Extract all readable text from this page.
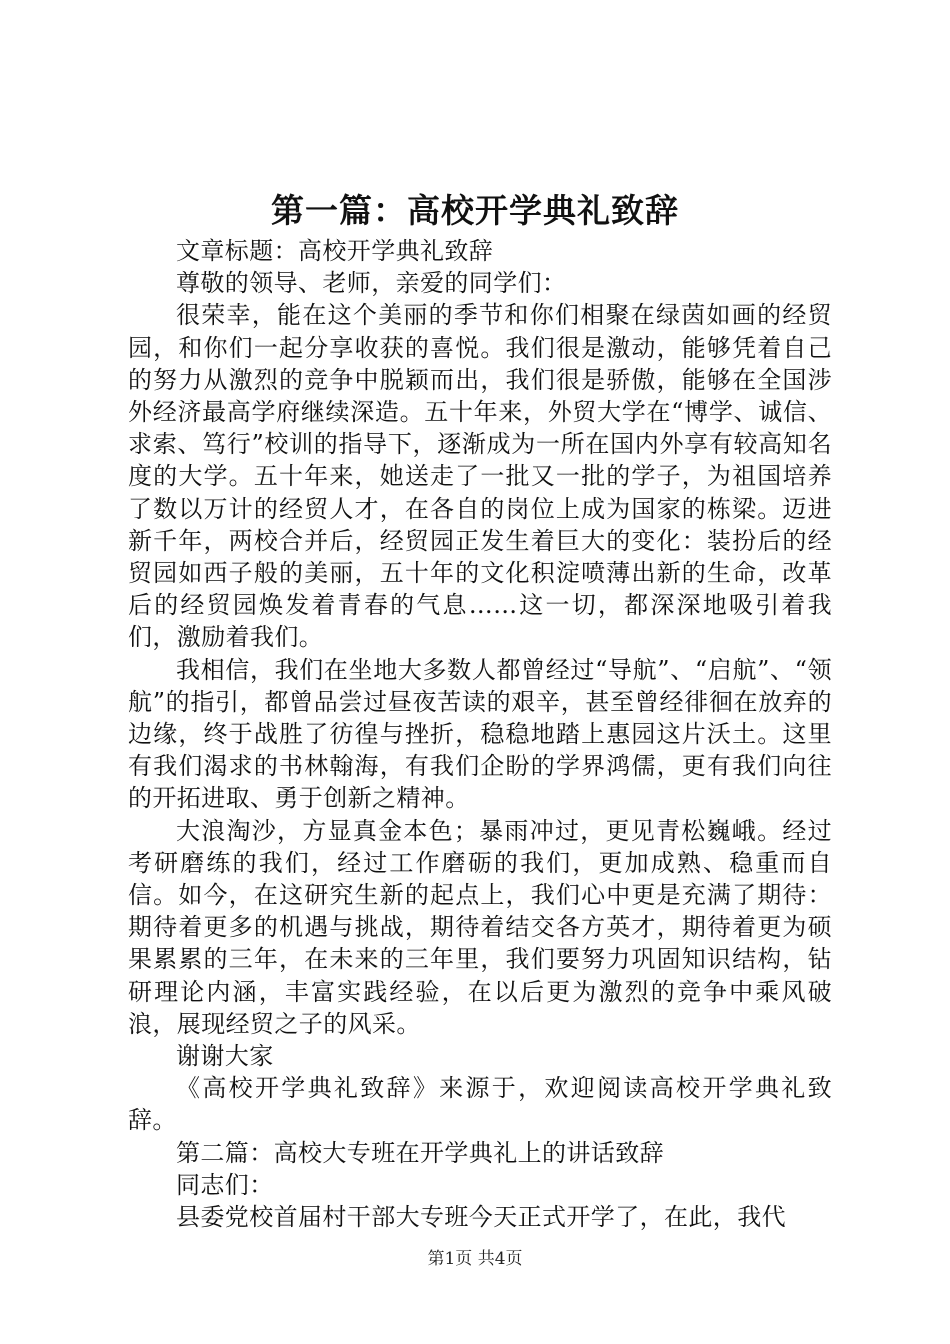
第一篇：高校开学典礼致辞

文章标题：高校开学典礼致辞

尊敬的领导、老师，亲爱的同学们：

很荣幸，能在这个美丽的季节和你们相聚在绿茵如画的经贸园，和你们一起分享收获的喜悦。我们很是激动，能够凭着自己的努力从激烈的竞争中脱颖而出，我们很是骄傲，能够在全国涉外经济最高学府继续深造。五十年来，外贸大学在“博学、诚信、求索、笃行”校训的指导下，逐渐成为一所在国内外享有较高知名度的大学。五十年来，她送走了一批又一批的学子，为祖国培养了数以万计的经贸人才，在各自的岗位上成为国家的栋梁。迈进新千年，两校合并后，经贸园正发生着巨大的变化：装扮后的经贸园如西子般的美丽，五十年的文化积淀喷薄出新的生命，改革后的经贸园焕发着青春的气息……这一切，都深深地吸引着我们，激励着我们。

我相信，我们在坐地大多数人都曾经过“导航”、“启航”、“领航”的指引，都曾品尝过昼夜苦读的艰辛，甚至曾经徘徊在放弃的边缘，终于战胜了彷徨与挫折，稳稳地踏上惠园这片沃土。这里有我们渴求的书林翰海，有我们企盼的学界鸿儒，更有我们向往的开拓进取、勇于创新之精神。

大浪淘沙，方显真金本色；暴雨冲过，更见青松巍峨。经过考研磨练的我们，经过工作磨砺的我们，更加成熟、稳重而自信。如今，在这研究生新的起点上，我们心中更是充满了期待：期待着更多的机遇与挑战，期待着结交各方英才，期待着更为硕果累累的三年，在未来的三年里，我们要努力巩固知识结构，钻研理论内涵，丰富实践经验，在以后更为激烈的竞争中乘风破浪，展现经贸之子的风采。

谢谢大家

《高校开学典礼致辞》来源于，欢迎阅读高校开学典礼致辞。

第二篇：高校大专班在开学典礼上的讲话致辞

同志们：

县委党校首届村干部大专班今天正式开学了，在此，我代

第1页 共4页
